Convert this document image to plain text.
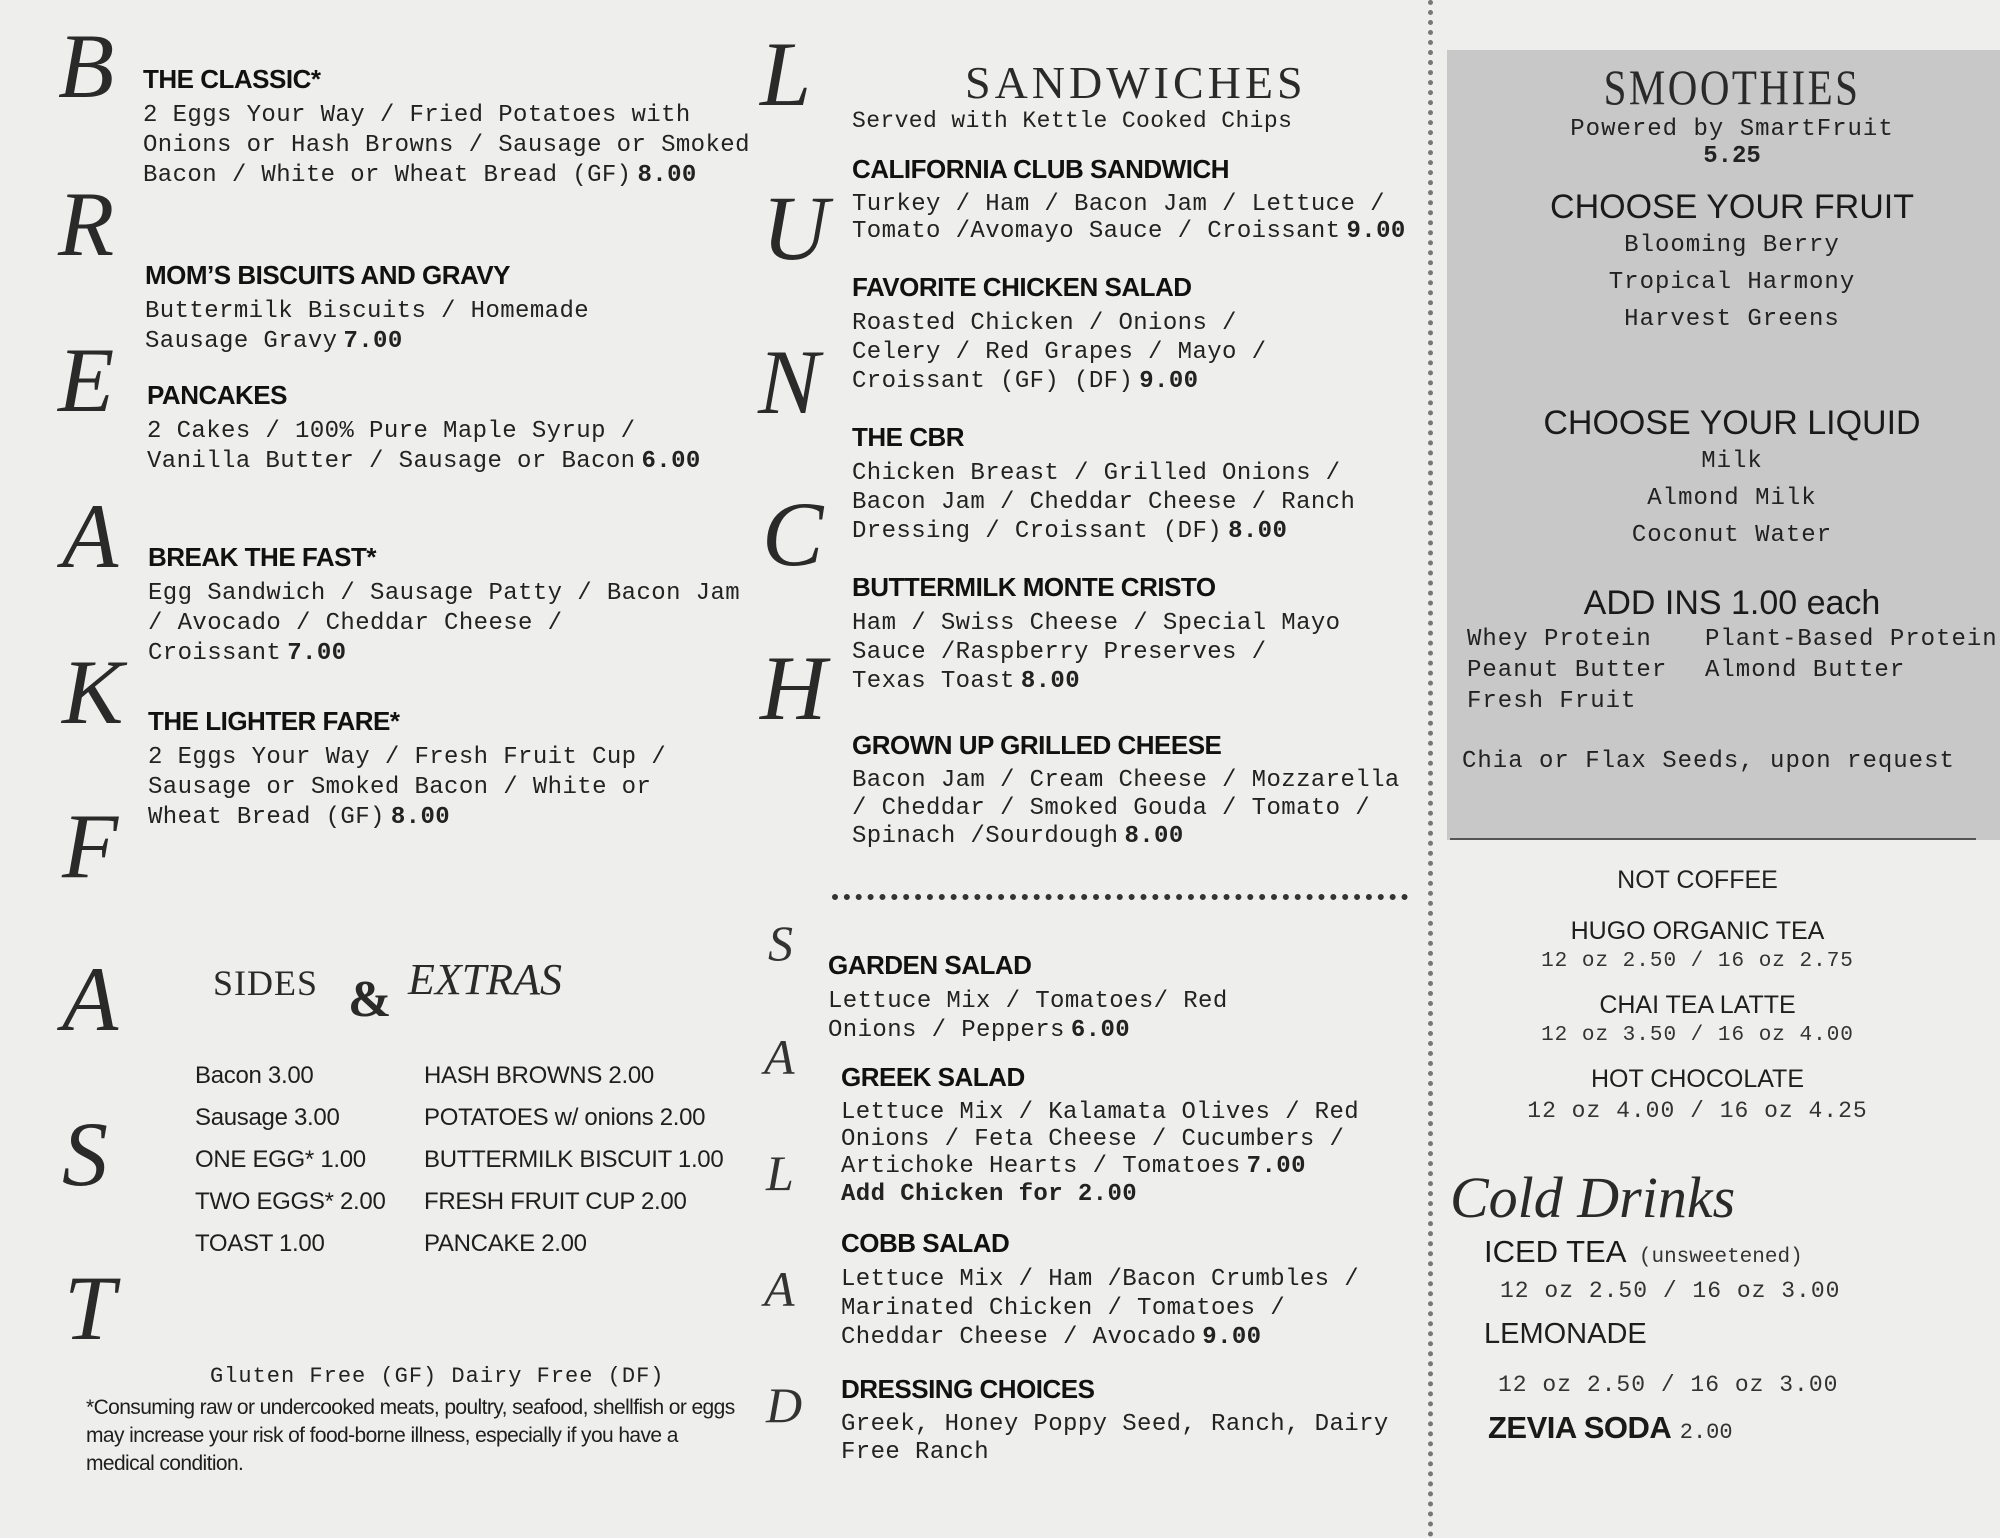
B
R
E
A
K
F
A
S
T
THE CLASSIC*
2 Eggs Your Way / Fried Potatoes with Onions or Hash Browns / Sausage or Smoked Bacon / White or Wheat Bread (GF) 8.00
MOM’S BISCUITS AND GRAVY
Buttermilk Biscuits / Homemade Sausage Gravy 7.00
PANCAKES
2 Cakes / 100% Pure Maple Syrup / Vanilla Butter / Sausage or Bacon 6.00
BREAK THE FAST*
Egg Sandwich / Sausage Patty / Bacon Jam / Avocado / Cheddar Cheese / Croissant 7.00
THE LIGHTER FARE*
2 Eggs Your Way / Fresh Fruit Cup / Sausage or Smoked Bacon / White or Wheat Bread (GF) 8.00
SIDES & EXTRAS
Bacon 3.00
Sausage 3.00
ONE EGG* 1.00
TWO EGGS* 2.00
TOAST 1.00
HASH BROWNS 2.00
POTATOES w/ onions 2.00
BUTTERMILK BISCUIT 1.00
FRESH FRUIT CUP 2.00
PANCAKE 2.00
Gluten Free (GF) Dairy Free (DF)
*Consuming raw or undercooked meats, poultry, seafood, shellfish or eggs may increase your risk of food-borne illness, especially if you have a medical condition.
L
U
N
C
H
SANDWICHES
Served with Kettle Cooked Chips
CALIFORNIA CLUB SANDWICH
Turkey / Ham / Bacon Jam / Lettuce / Tomato /Avomayo Sauce / Croissant 9.00
FAVORITE CHICKEN SALAD
Roasted Chicken / Onions / Celery / Red Grapes / Mayo / Croissant (GF) (DF) 9.00
THE CBR
Chicken Breast / Grilled Onions / Bacon Jam / Cheddar Cheese / Ranch Dressing / Croissant (DF) 8.00
BUTTERMILK MONTE CRISTO
Ham / Swiss Cheese / Special Mayo Sauce /Raspberry Preserves / Texas Toast 8.00
GROWN UP GRILLED CHEESE
Bacon Jam / Cream Cheese / Mozzarella / Cheddar / Smoked Gouda / Tomato / Spinach /Sourdough 8.00
S
A
L
A
D
GARDEN SALAD
Lettuce Mix / Tomatoes/ Red Onions / Peppers 6.00
GREEK SALAD
Lettuce Mix / Kalamata Olives / Red Onions / Feta Cheese / Cucumbers / Artichoke Hearts / Tomatoes 7.00
Add Chicken for 2.00
COBB SALAD
Lettuce Mix / Ham /Bacon Crumbles / Marinated Chicken / Tomatoes / Cheddar Cheese / Avocado 9.00
DRESSING CHOICES
Greek, Honey Poppy Seed, Ranch, Dairy Free Ranch
SMOOTHIES
Powered by SmartFruit
5.25
CHOOSE YOUR FRUIT
Blooming Berry
Tropical Harmony
Harvest Greens
CHOOSE YOUR LIQUID
Milk
Almond Milk
Coconut Water
ADD INS 1.00 each
Whey Protein
Peanut Butter
Fresh Fruit
Plant-Based Protein
Almond Butter
Chia or Flax Seeds, upon request
NOT COFFEE
HUGO ORGANIC TEA
12 oz 2.50 / 16 oz 2.75
CHAI TEA LATTE
12 oz 3.50 / 16 oz 4.00
HOT CHOCOLATE
12 oz 4.00 / 16 oz 4.25
Cold Drinks
ICED TEA (unsweetened)
12 oz 2.50 / 16 oz 3.00
LEMONADE
12 oz 2.50 / 16 oz 3.00
ZEVIA SODA 2.00
